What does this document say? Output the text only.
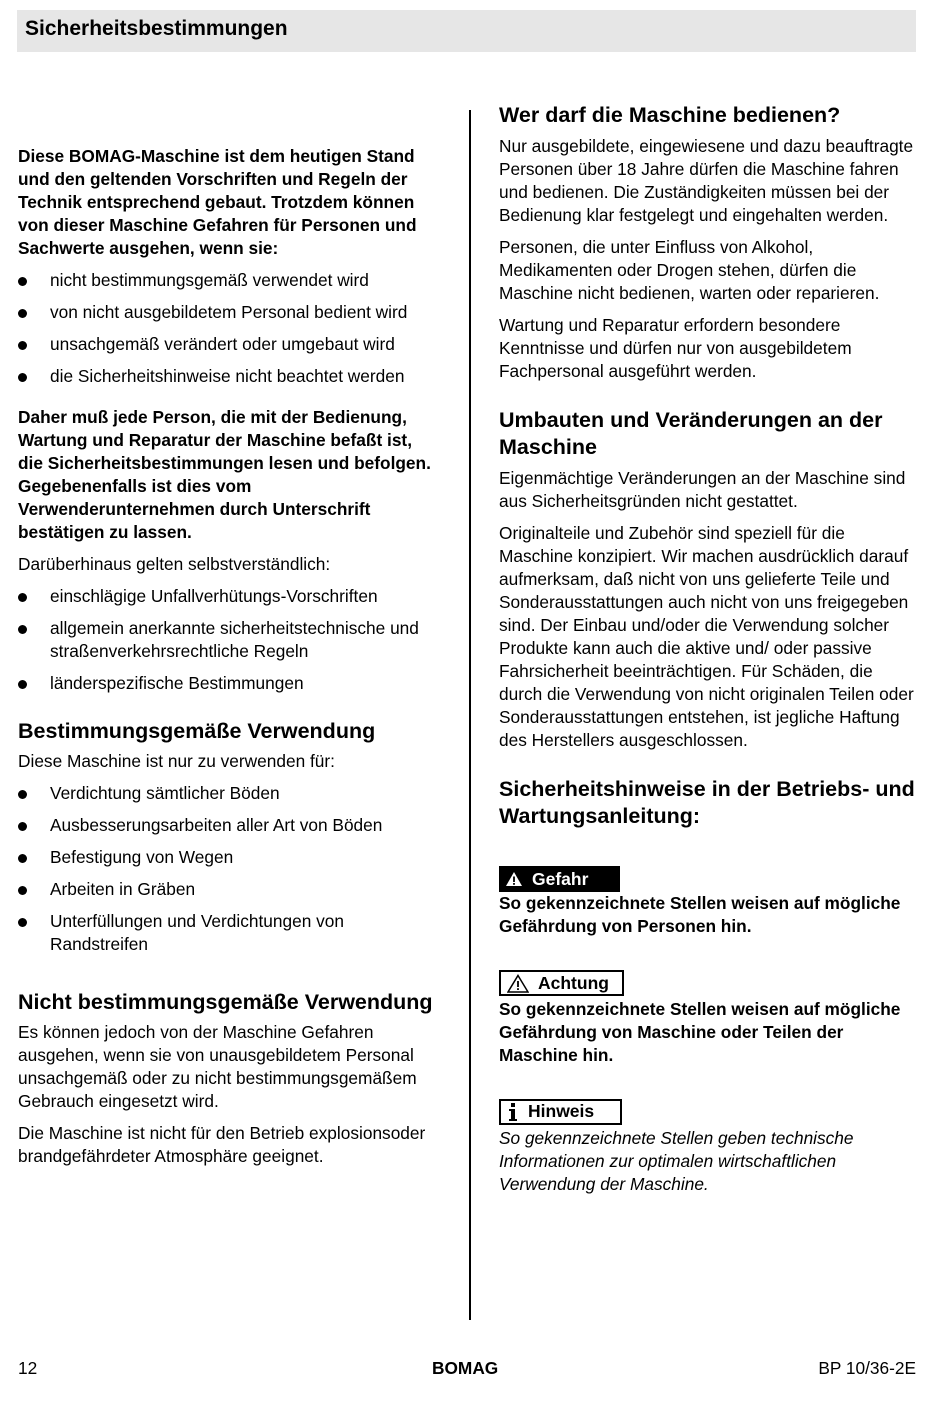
Sicherheitsbestimmungen

Diese BOMAG-Maschine ist dem heutigen Stand und den geltenden Vorschriften und Regeln der Technik entsprechend gebaut. Trotzdem können von dieser Maschine Gefahren für Personen und Sachwerte ausgehen, wenn sie:

nicht bestimmungsgemäß verwendet wird
von nicht ausgebildetem Personal bedient wird
unsachgemäß verändert oder umgebaut wird
die Sicherheitshinweise nicht beachtet werden

Daher muß jede Person, die mit der Bedienung, Wartung und Reparatur der Maschine befaßt ist, die Sicherheitsbestimmungen lesen und befolgen. Gegebenenfalls ist dies vom Verwenderunternehmen durch Unterschrift bestätigen zu lassen.

Darüberhinaus gelten selbstverständlich:

einschlägige Unfallverhütungs-Vorschriften
allgemein anerkannte sicherheitstechnische und straßenverkehrsrechtliche Regeln
länderspezifische Bestimmungen
Bestimmungsgemäße Verwendung

Diese Maschine ist nur zu verwenden für:

Verdichtung sämtlicher Böden
Ausbesserungsarbeiten aller Art von Böden
Befestigung von Wegen
Arbeiten in Gräben
Unterfüllungen und Verdichtungen von Randstreifen
Nicht bestimmungsgemäße Verwendung

Es können jedoch von der Maschine Gefahren ausgehen, wenn sie von unausgebildetem Personal unsachgemäß oder zu nicht bestimmungsgemäßem Gebrauch eingesetzt wird.

Die Maschine ist nicht für den Betrieb explosionsoder brandgefährdeter Atmosphäre geeignet.

Wer darf die Maschine bedienen?

Nur ausgebildete, eingewiesene und dazu beauftragte Personen über 18 Jahre dürfen die Maschine fahren und bedienen. Die Zuständigkeiten müssen bei der Bedienung klar festgelegt und eingehalten werden.

Personen, die unter Einfluss von Alkohol, Medikamenten oder Drogen stehen, dürfen die Maschine nicht bedienen, warten oder reparieren.

Wartung und Reparatur erfordern besondere Kenntnisse und dürfen nur von ausgebildetem Fachpersonal ausgeführt werden.

Umbauten und Veränderungen an der Maschine

Eigenmächtige Veränderungen an der Maschine sind aus Sicherheitsgründen nicht gestattet.

Originalteile und Zubehör sind speziell für die Maschine konzipiert. Wir machen ausdrücklich darauf aufmerksam, daß nicht von uns gelieferte Teile und Sonderausstattungen auch nicht von uns freigegeben sind. Der Einbau und/oder die Verwendung solcher Produkte kann auch die aktive und/ oder passive Fahrsicherheit beeinträchtigen. Für Schäden, die durch die Verwendung von nicht originalen Teilen oder Sonderausstattungen entstehen, ist jegliche Haftung des Herstellers ausgeschlossen.

Sicherheitshinweise in der Betriebs- und Wartungsanleitung:
Gefahr

So gekennzeichnete Stellen weisen auf mögliche Gefährdung von Personen hin.

Achtung

So gekennzeichnete Stellen weisen auf mögliche Gefährdung von Maschine oder Teilen der Maschine hin.

Hinweis

So gekennzeichnete Stellen geben technische Informationen zur optimalen wirtschaftlichen Verwendung der Maschine.

12	BOMAG	BP 10/36-2E
